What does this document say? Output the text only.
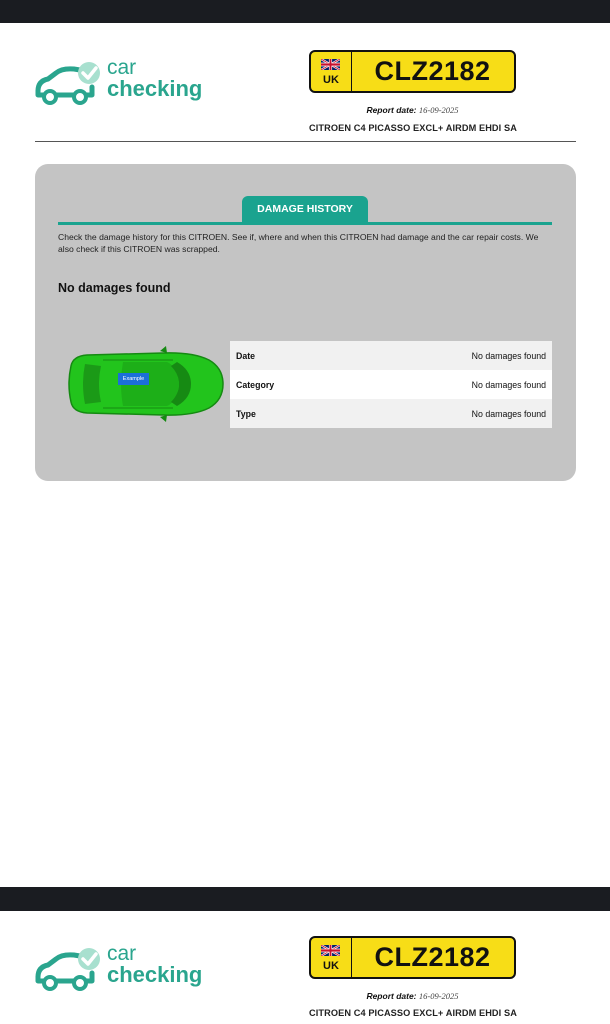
car
checking	UK	CLZ2182
Report date: 16-09-2025
CITROEN C4 PICASSO EXCL+ AIRDM EHDI SA
DAMAGE HISTORY
Check the damage history for this CITROEN. See if, where and when this CITROEN had damage and the car repair costs. We also check if this CITROEN was scrapped.
No damages found
Example
Date	No damages found
Category	No damages found
Type	No damages found
car
checking	UK	CLZ2182
Report date: 16-09-2025
CITROEN C4 PICASSO EXCL+ AIRDM EHDI SA
